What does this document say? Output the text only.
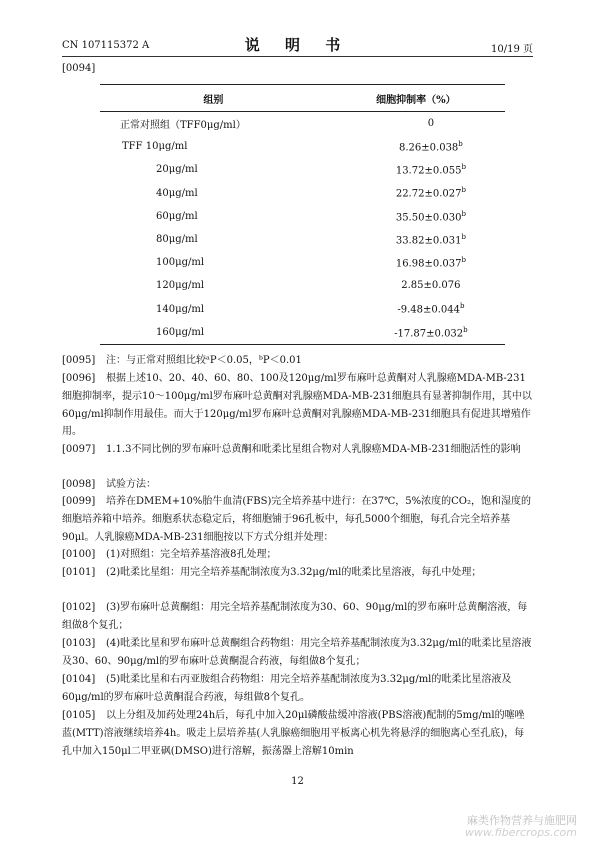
CN 107115372 A	说 明 书	10/19 页
[0094]
组别	细胞抑制率（%）
正常对照组（TFF0μg/ml）	0
TFF 10μg/ml	8.26±0.038$^b$
20μg/ml	13.72±0.055$^b$
40μg/ml	22.72±0.027$^b$
60μg/ml	35.50±0.030$^b$
80μg/ml	33.82±0.031$^b$
100μg/ml	16.98±0.037$^b$
120μg/ml	2.85±0.076
140μg/ml	-9.48±0.044$^b$
160μg/ml	-17.87±0.032$^b$
[0095] 注：与正常对照组比较ᵃP＜0.05，ᵇP＜0.01
[0096] 根据上述10、20、40、60、80、100及120μg/ml罗布麻叶总黄酮对人乳腺癌MDA-MB-231细胞抑制率，提示10～100μg/ml罗布麻叶总黄酮对乳腺癌MDA-MB-231细胞具有显著抑制作用，其中以60μg/ml抑制作用最佳。而大于120μg/ml罗布麻叶总黄酮对乳腺癌MDA-MB-231细胞具有促进其增殖作用。
[0097] 1.1.3不同比例的罗布麻叶总黄酮和吡柔比星组合物对人乳腺癌MDA-MB-231细胞活性的影响
[0098] 试验方法：
[0099] 培养在DMEM+10%胎牛血清(FBS)完全培养基中进行：在37℃，5%浓度的CO₂，饱和湿度的细胞培养箱中培养。细胞系状态稳定后，将细胞铺于96孔板中，每孔5000个细胞，每孔合完全培养基90μl。人乳腺癌MDA-MB-231细胞按以下方式分组并处理：
[0100] (1)对照组：完全培养基溶液8孔处理；
[0101] (2)吡柔比星组：用完全培养基配制浓度为3.32μg/ml的吡柔比星溶液，每孔中处理；
[0102] (3)罗布麻叶总黄酮组：用完全培养基配制浓度为30、60、90μg/ml的罗布麻叶总黄酮溶液，每组做8个复孔；
[0103] (4)吡柔比星和罗布麻叶总黄酮组合药物组：用完全培养基配制浓度为3.32μg/ml的吡柔比星溶液及30、60、90μg/ml的罗布麻叶总黄酮混合药液，每组做8个复孔；
[0104] (5)吡柔比星和右丙亚胺组合药物组：用完全培养基配制浓度为3.32μg/ml的吡柔比星溶液及60μg/ml的罗布麻叶总黄酮混合药液，每组做8个复孔。
[0105] 以上分组及加药处理24h后，每孔中加入20μl磷酸盐缓冲溶液(PBS溶液)配制的5mg/ml的噻唑蓝(MTT)溶液继续培养4h。吸走上层培养基(人乳腺癌细胞用平板离心机先将悬浮的细胞离心至孔底)，每孔中加入150μl二甲亚砜(DMSO)进行溶解，振荡器上溶解10min
12
麻类作物营养与施肥网
www.fibercrops.com
